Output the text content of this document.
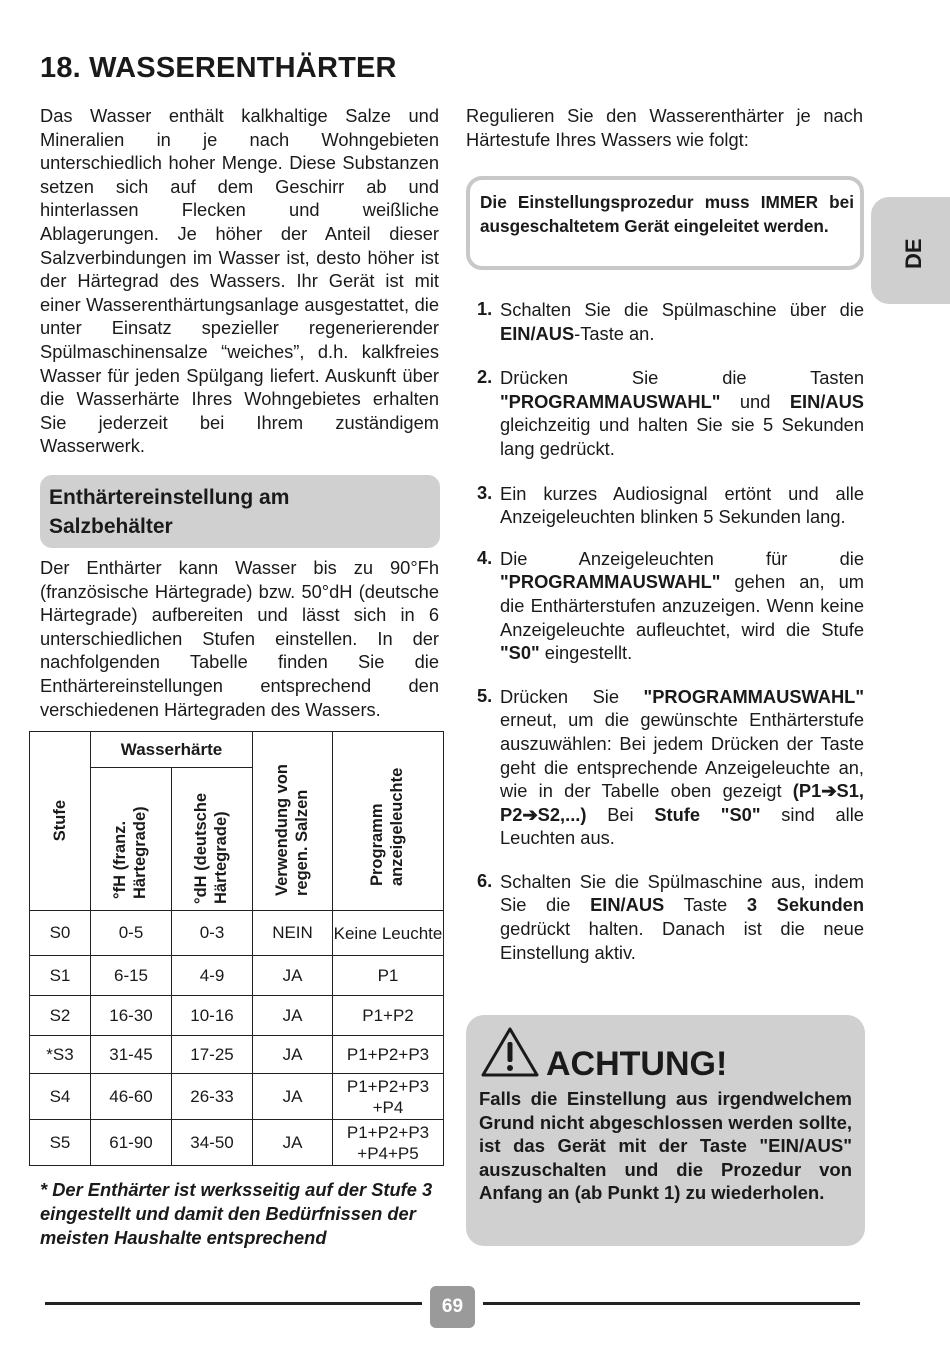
18. WASSERENTHÄRTER
DE
Das Wasser enthält kalkhaltige Salze und Mineralien in je nach Wohngebieten unterschiedlich hoher Menge. Diese Substanzen setzen sich auf dem Geschirr ab und hinterlassen Flecken und weißliche Ablagerungen. Je höher der Anteil dieser Salzverbindungen im Wasser ist, desto höher ist der Härtegrad des Wassers. Ihr Gerät ist mit einer Wasserenthärtungsanlage ausgestattet, die unter Einsatz spezieller regenerierender Spülmaschinensalze “weiches”, d.h. kalkfreies Wasser für jeden Spülgang liefert. Auskunft über die Wasserhärte Ihres Wohngebietes erhalten Sie jederzeit bei Ihrem zuständigem Wasserwerk.
Enthärtereinstellung am
Salzbehälter
Der Enthärter kann Wasser bis zu 90°Fh (französische Härtegrade) bzw. 50°dH (deutsche Härtegrade) aufbereiten und lässt sich in 6 unterschiedlichen Stufen einstellen. In der nachfolgenden Tabelle finden Sie die Enthärtereinstellungen entsprechend den verschiedenen Härtegraden des Wassers.
Stufe	Wasserhärte		Verwendung von regen. Salzen	Programm anzeigeleuchte

	°fH (franz. Härtegrade)	°dH (deutsche Härtegrade)		

S0	0-5	0-3	NEIN	Keine Leuchte
S1	6-15	4-9	JA	P1
S2	16-30	10-16	JA	P1+P2
*S3	31-45	17-25	JA	P1+P2+P3
S4	46-60	26-33	JA	P1+P2+P3 +P4
S5	61-90	34-50	JA	P1+P2+P3 +P4+P5
* Der Enthärter ist werksseitig auf der Stufe 3 eingestellt und damit den Bedürfnissen der meisten Haushalte entsprechend
Regulieren Sie den Wasserenthärter je nach Härtestufe Ihres Wassers wie folgt:
Die Einstellungsprozedur muss IMMER bei ausgeschaltetem Gerät eingeleitet werden.
1. Schalten Sie die Spülmaschine über die EIN/AUS-Taste an.
2. Drücken Sie die Tasten "PROGRAMMAUSWAHL" und EIN/AUS gleichzeitig und halten Sie sie 5 Sekunden lang gedrückt.
3. Ein kurzes Audiosignal ertönt und alle Anzeigeleuchten blinken 5 Sekunden lang.
4. Die Anzeigeleuchten für die "PROGRAMMAUSWAHL" gehen an, um die Enthärterstufen anzuzeigen. Wenn keine Anzeigeleuchte aufleuchtet, wird die Stufe "S0" eingestellt.
5. Drücken Sie "PROGRAMMAUSWAHL" erneut, um die gewünschte Enthärterstufe auszuwählen: Bei jedem Drücken der Taste geht die entsprechende Anzeigeleuchte an, wie in der Tabelle oben gezeigt (P1➔S1, P2➔S2,...) Bei Stufe "S0" sind alle Leuchten aus.
6. Schalten Sie die Spülmaschine aus, indem Sie die EIN/AUS Taste 3 Sekunden gedrückt halten. Danach ist die neue Einstellung aktiv.
ACHTUNG!
Falls die Einstellung aus irgendwelchem Grund nicht abgeschlossen werden sollte, ist das Gerät mit der Taste "EIN/AUS" auszuschalten und die Prozedur von Anfang an (ab Punkt 1) zu wiederholen.
69
